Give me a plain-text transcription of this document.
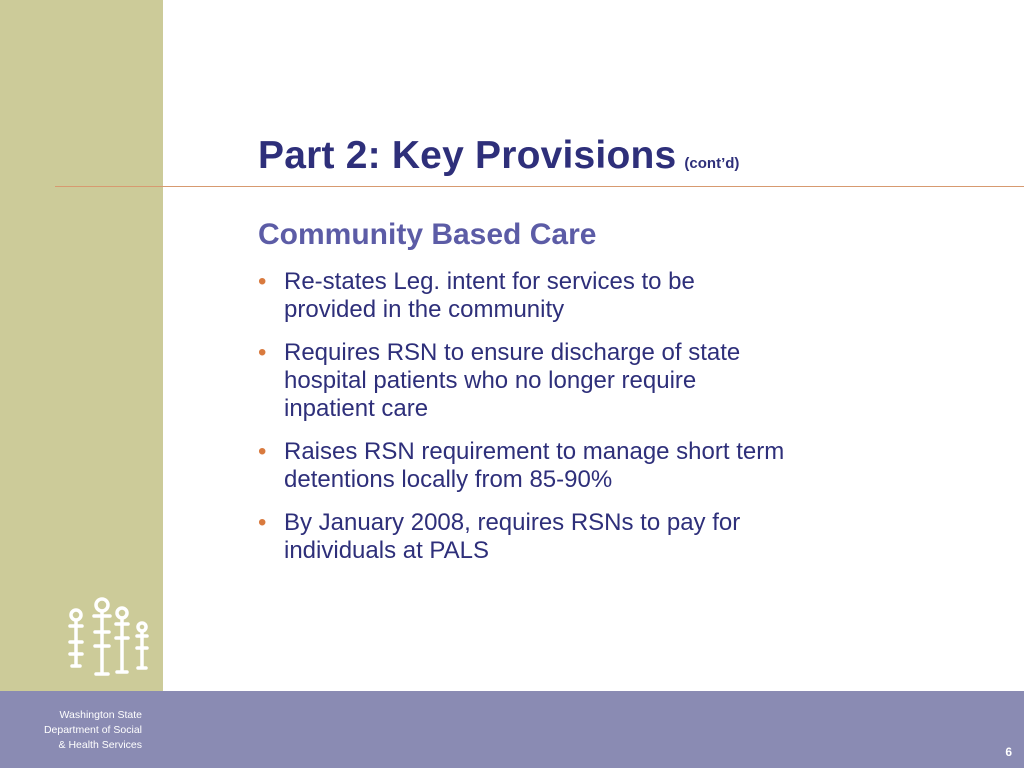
Washington State
Department of Social
& Health Services	6
Part 2: Key Provisions (cont’d)
Community Based Care
• Re-states Leg. intent for services to be
provided in the community
• Requires RSN to ensure discharge of state
hospital patients who no longer require
inpatient care
• Raises RSN requirement to manage short term
detentions locally from 85-90%
• By January 2008, requires RSNs to pay for
individuals at PALS
